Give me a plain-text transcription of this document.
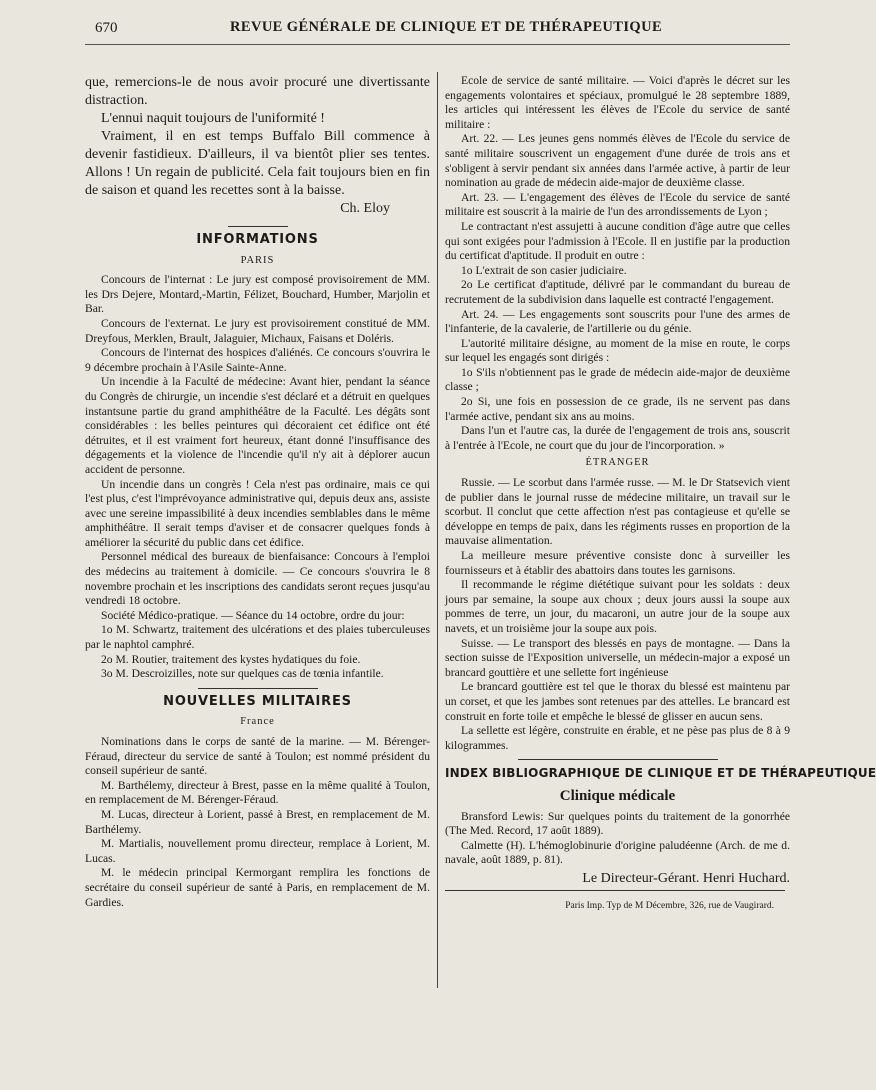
670	REVUE GÉNÉRALE DE CLINIQUE ET DE THÉRAPEUTIQUE

que, remercions-le de nous avoir procuré une divertissante distraction.

L'ennui naquit toujours de l'uniformité !

Vraiment, il en est temps Buffalo Bill commence à devenir fastidieux. D'ailleurs, il va bientôt plier ses tentes. Allons ! Un regain de publicité. Cela fait toujours bien en fin de saison et quand les recettes sont à la baisse.

Ch. Eloy

INFORMATIONS
PARIS

Concours de l'internat : Le jury est composé provisoirement de MM. les Drs Dejere, Montard,-Martin, Félizet, Bouchard, Humber, Marjolin et Bar.

Concours de l'externat. Le jury est provisoirement constitué de MM. Dreyfous, Merklen, Brault, Jalaguier, Michaux, Faisans et Doléris.

Concours de l'internat des hospices d'aliénés. Ce concours s'ouvrira le 9 décembre prochain à l'Asile Sainte-Anne.

Un incendie à la Faculté de médecine: Avant hier, pendant la séance du Congrès de chirurgie, un incendie s'est déclaré et a détruit en quelques instantsune partie du grand amphithéâtre de la Faculté. Les dégâts sont considérables : les belles peintures qui décoraient cet édifice ont été détruites, et il est vraiment fort heureux, étant donné l'insuffisance des dégagements et la violence de l'incendie qu'il n'y ait à déplorer aucun accident de personne.

Un incendie dans un congrès ! Cela n'est pas ordinaire, mais ce qui l'est plus, c'est l'imprévoyance administrative qui, depuis deux ans, assiste avec une sereine impassibilité à deux incendies semblables dans le même amphithéâtre. Il serait temps d'aviser et de consacrer quelques fonds à améliorer la sécurité du public dans cet édifice.

Personnel médical des bureaux de bienfaisance: Concours à l'emploi des médecins au traitement à domicile. — Ce concours s'ouvrira le 8 novembre prochain et les inscriptions des candidats seront reçues jusqu'au vendredi 18 octobre.

Société Médico-pratique. — Séance du 14 octobre, ordre du jour:

1o M. Schwartz, traitement des ulcérations et des plaies tuberculeuses par le naphtol camphré.

2o M. Routier, traitement des kystes hydatiques du foie.

3o M. Descroizilles, note sur quelques cas de tœnia infantile.

NOUVELLES MILITAIRES
France

Nominations dans le corps de santé de la marine. — M. Bérenger-Féraud, directeur du service de santé à Toulon; est nommé président du conseil supérieur de santé.

M. Barthélemy, directeur à Brest, passe en la même qualité à Toulon, en remplacement de M. Bérenger-Féraud.

M. Lucas, directeur à Lorient, passé à Brest, en remplacement de M. Barthélemy.

M. Martialis, nouvellement promu directeur, remplace à Lorient, M. Lucas.

M. le médecin principal Kermorgant remplira les fonctions de secrétaire du conseil supérieur de santé à Paris, en remplacement de M. Gardies.

Ecole de service de santé militaire. — Voici d'après le décret sur les engagements volontaires et spéciaux, promulgué le 28 septembre 1889, les articles qui intéressent les élèves de l'Ecole du service de santé militaire :

Art. 22. — Les jeunes gens nommés élèves de l'Ecole du service de santé militaire souscrivent un engagement d'une durée de trois ans et s'obligent à servir pendant six années dans l'armée active, à partir de leur nomination au grade de médecin aide-major de deuxième classe.

Art. 23. — L'engagement des élèves de l'Ecole du service de santé militaire est souscrit à la mairie de l'un des arrondissements de Lyon ;

Le contractant n'est assujetti à aucune condition d'âge autre que celles qui sont exigées pour l'admission à l'Ecole. Il en justifie par la production du certificat d'aptitude. Il produit en outre :

1o L'extrait de son casier judiciaire.

2o Le certificat d'aptitude, délivré par le commandant du bureau de recrutement de la subdivision dans laquelle est contracté l'engagement.

Art. 24. — Les engagements sont souscrits pour l'une des armes de l'infanterie, de la cavalerie, de l'artillerie ou du génie.

L'autorité militaire désigne, au moment de la mise en route, le corps sur lequel les engagés sont dirigés :

1o S'ils n'obtiennent pas le grade de médecin aide-major de deuxième classe ;

2o Si, une fois en possession de ce grade, ils ne servent pas dans l'armée active, pendant six ans au moins.

Dans l'un et l'autre cas, la durée de l'engagement de trois ans, souscrit à l'entrée à l'Ecole, ne court que du jour de l'incorporation. »

ÉTRANGER

Russie. — Le scorbut dans l'armée russe. — M. le Dr Statsevich vient de publier dans le journal russe de médecine militaire, un travail sur le scorbut. Il conclut que cette affection n'est pas contagieuse et qu'elle se développe en temps de paix, dans les régiments russes en proportion de la mauvaise alimentation.

La meilleure mesure préventive consiste donc à surveiller les fournisseurs et à établir des abattoirs dans toutes les garnisons.

Il recommande le régime diététique suivant pour les soldats : deux jours par semaine, la soupe aux choux ; deux jours aussi la soupe aux pommes de terre, un jour, du macaroni, un autre jour de la soupe aux navets, et un troisième jour la soupe aux pois.

Suisse. — Le transport des blessés en pays de montagne. — Dans la section suisse de l'Exposition universelle, un médecin-major a exposé un brancard gouttière et une sellette fort ingénieuse

Le brancard gouttière est tel que le thorax du blessé est maintenu par un corset, et que les jambes sont retenues par des attelles. Le brancard est construit en forte toile et empêche le blessé de glisser en aucun sens.

La sellette est légère, construite en érable, et ne pèse pas plus de 8 à 9 kilogrammes.

INDEX BIBLIOGRAPHIQUE DE CLINIQUE ET DE THÉRAPEUTIQUE
Clinique médicale

Bransford Lewis: Sur quelques points du traitement de la gonorrhée (The Med. Record, 17 août 1889).

Calmette (H). L'hémoglobinurie d'origine paludéenne (Arch. de me d. navale, août 1889, p. 81).

Le Directeur-Gérant. Henri Huchard.
Paris Imp. Typ de M Décembre, 326, rue de Vaugirard.
